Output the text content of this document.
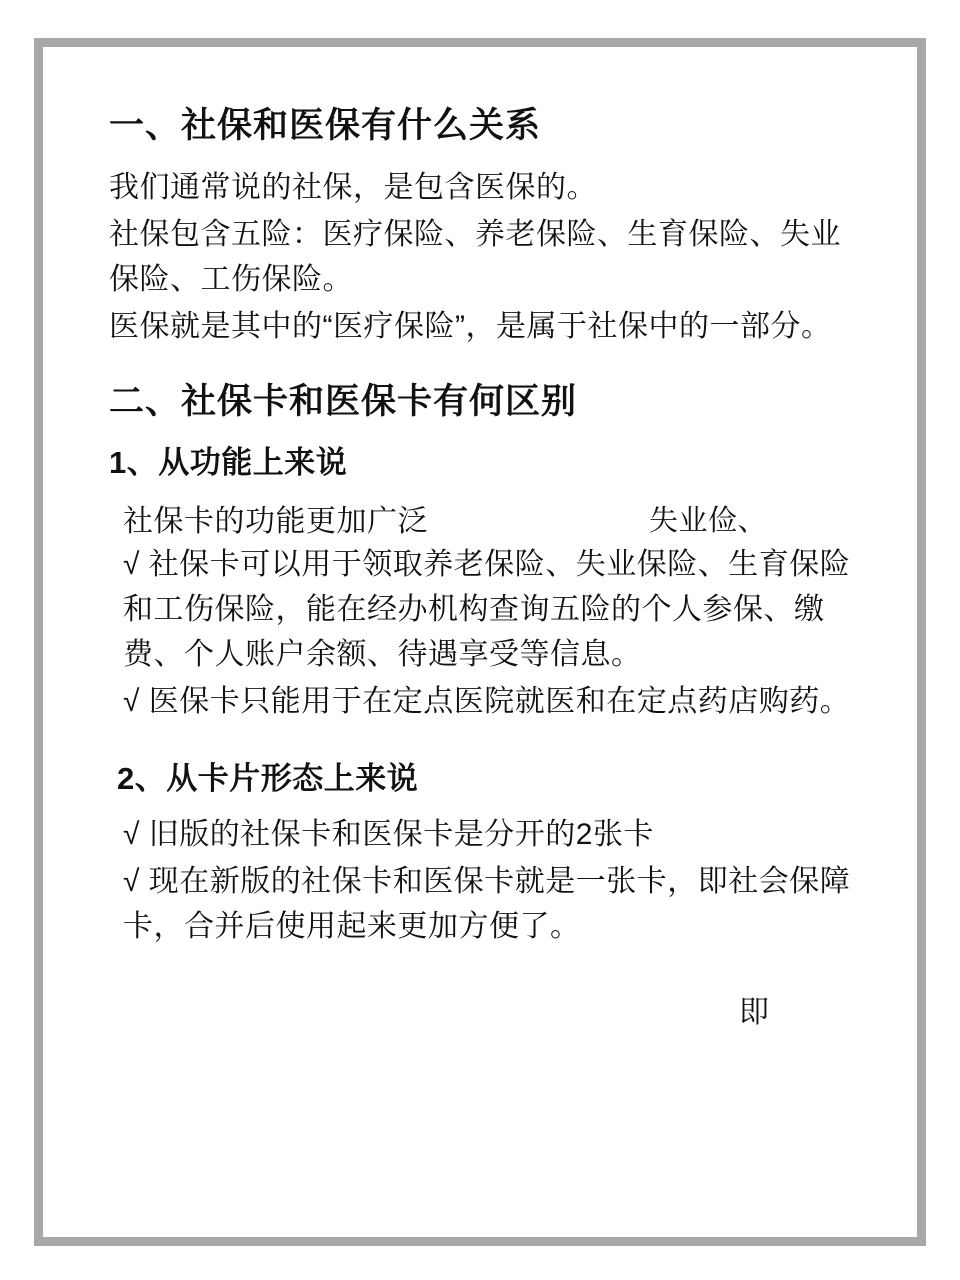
一、社保和医保有什么关系

我们通常说的社保，是包含医保的。

社保包含五险：医疗保险、养老保险、生育保险、失业保险、工伤保险。

医保就是其中的“医疗保险”，是属于社保中的一部分。

二、社保卡和医保卡有何区别
1、从功能上来说
社保卡的功能更加广泛	失业俭、

√ 社保卡可以用于领取养老保险、失业保险、生育保险和工伤保险，能在经办机构查询五险的个人参保、缴费、个人账户余额、待遇享受等信息。

√ 医保卡只能用于在定点医院就医和在定点药店购药。

2、从卡片形态上来说

√ 旧版的社保卡和医保卡是分开的2张卡

√ 现在新版的社保卡和医保卡就是一张卡，即社会保障卡，合并后使用起来更加方便了。

即
